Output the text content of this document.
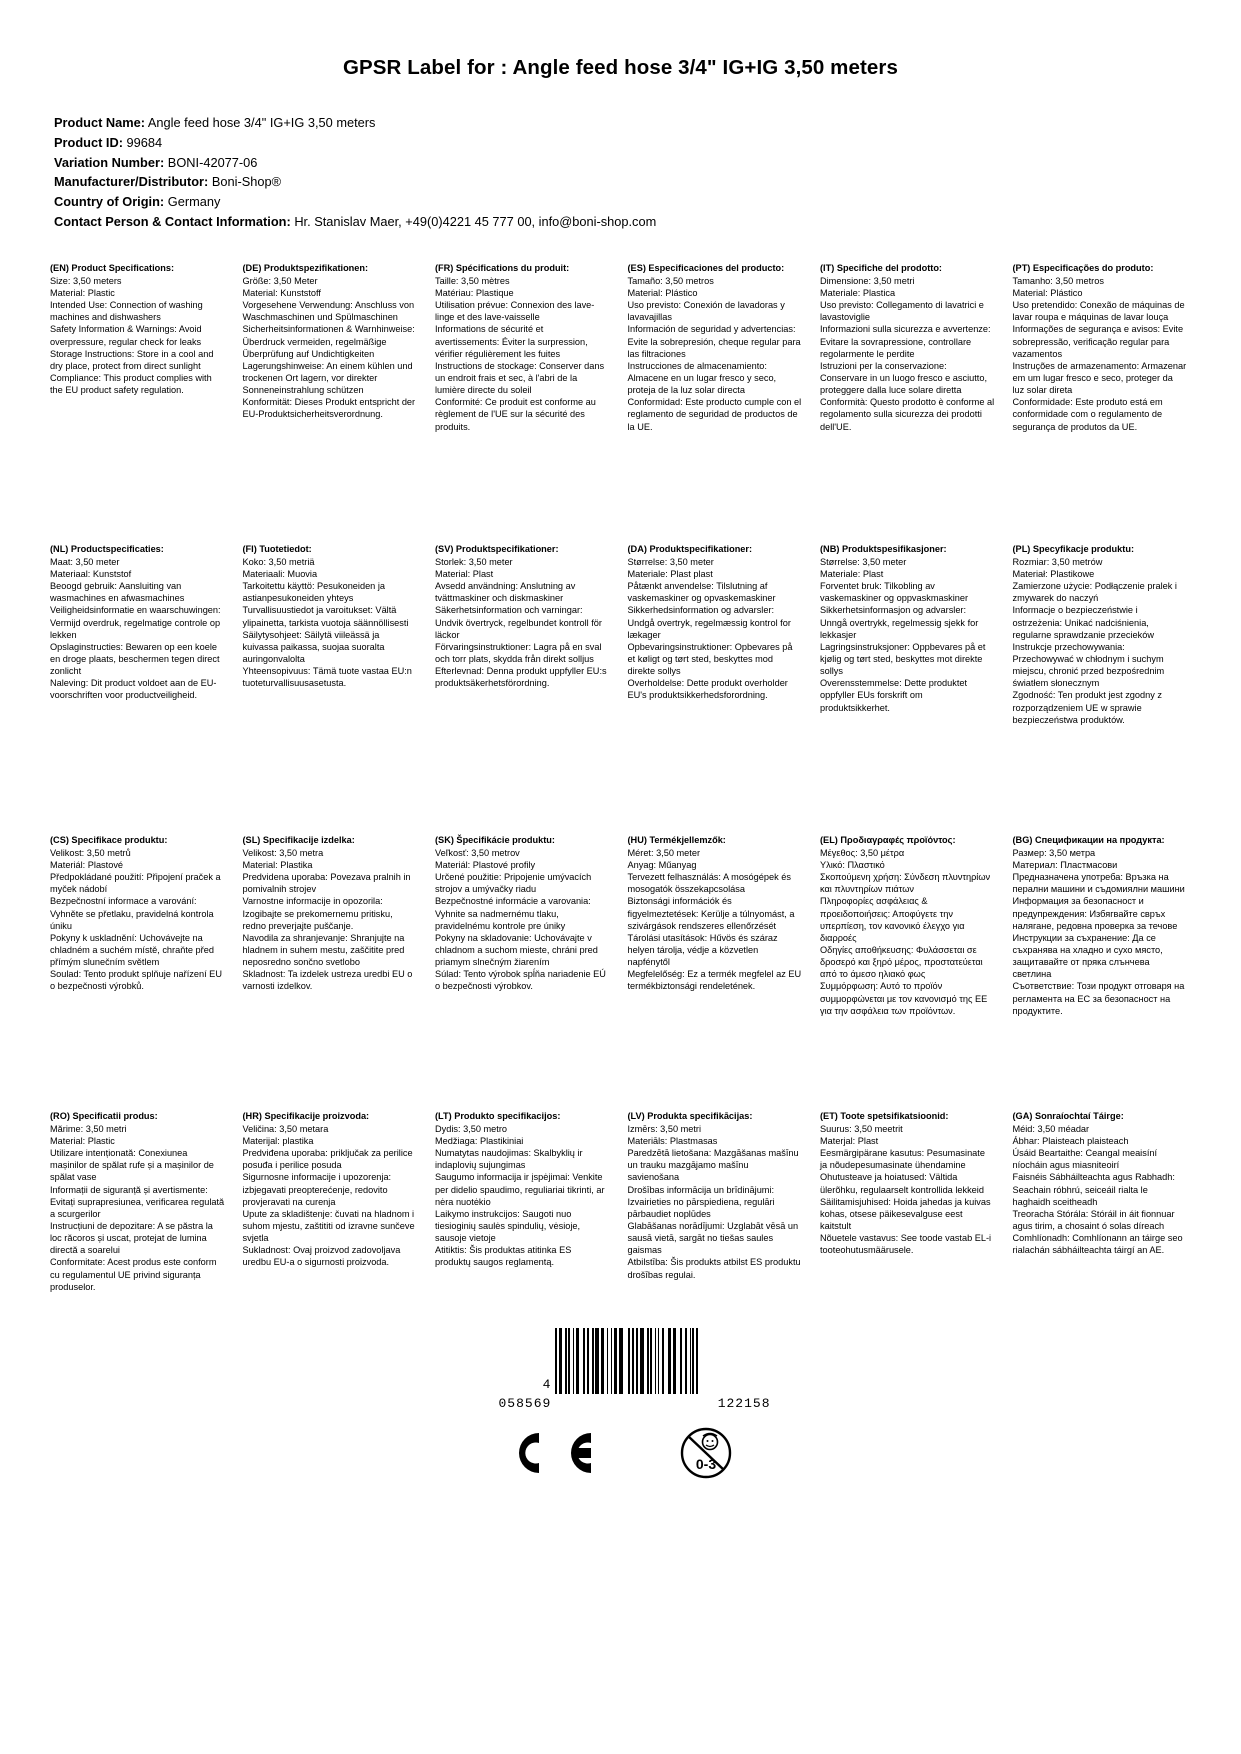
GPSR Label for : Angle feed hose 3/4" IG+IG 3,50 meters
Product Name: Angle feed hose 3/4" IG+IG 3,50 meters
Product ID: 99684
Variation Number: BONI-42077-06
Manufacturer/Distributor: Boni-Shop®
Country of Origin: Germany
Contact Person & Contact Information: Hr. Stanislav Maer, +49(0)4221 45 777 00, info@boni-shop.com
(EN) Product Specifications:

Size: 3,50 meters

Material: Plastic

Intended Use: Connection of washing machines and dishwashers

Safety Information & Warnings: Avoid overpressure, regular check for leaks

Storage Instructions: Store in a cool and dry place, protect from direct sunlight

Compliance: This product complies with the EU product safety regulation.

(DE) Produktspezifikationen:

Größe: 3,50 Meter

Material: Kunststoff

Vorgesehene Verwendung: Anschluss von Waschmaschinen und Spülmaschinen

Sicherheitsinformationen & Warnhinweise: Überdruck vermeiden, regelmäßige Überprüfung auf Undichtigkeiten

Lagerungshinweise: An einem kühlen und trockenen Ort lagern, vor direkter Sonneneinstrahlung schützen

Konformität: Dieses Produkt entspricht der EU-Produktsicherheitsverordnung.

(FR) Spécifications du produit:

Taille: 3,50 mètres

Matériau: Plastique

Utilisation prévue: Connexion des lave-linge et des lave-vaisselle

Informations de sécurité et avertissements: Éviter la surpression, vérifier régulièrement les fuites

Instructions de stockage: Conserver dans un endroit frais et sec, à l'abri de la lumière directe du soleil

Conformité: Ce produit est conforme au règlement de l'UE sur la sécurité des produits.

(ES) Especificaciones del producto:

Tamaño: 3,50 metros

Material: Plástico

Uso previsto: Conexión de lavadoras y lavavajillas

Información de seguridad y advertencias: Evite la sobrepresión, cheque regular para las filtraciones

Instrucciones de almacenamiento: Almacene en un lugar fresco y seco, proteja de la luz solar directa

Conformidad: Este producto cumple con el reglamento de seguridad de productos de la UE.

(IT) Specifiche del prodotto:

Dimensione: 3,50 metri

Materiale: Plastica

Uso previsto: Collegamento di lavatrici e lavastoviglie

Informazioni sulla sicurezza e avvertenze: Evitare la sovrapressione, controllare regolarmente le perdite

Istruzioni per la conservazione: Conservare in un luogo fresco e asciutto, proteggere dalla luce solare diretta

Conformità: Questo prodotto è conforme al regolamento sulla sicurezza dei prodotti dell'UE.

(PT) Especificações do produto:

Tamanho: 3,50 metros

Material: Plástico

Uso pretendido: Conexão de máquinas de lavar roupa e máquinas de lavar louça

Informações de segurança e avisos: Evite sobrepressão, verificação regular para vazamentos

Instruções de armazenamento: Armazenar em um lugar fresco e seco, proteger da luz solar direta

Conformidade: Este produto está em conformidade com o regulamento de segurança de produtos da UE.

(NL) Productspecificaties:

Maat: 3,50 meter

Materiaal: Kunststof

Beoogd gebruik: Aansluiting van wasmachines en afwasmachines

Veiligheidsinformatie en waarschuwingen: Vermijd overdruk, regelmatige controle op lekken

Opslaginstructies: Bewaren op een koele en droge plaats, beschermen tegen direct zonlicht

Naleving: Dit product voldoet aan de EU-voorschriften voor productveiligheid.

(FI) Tuotetiedot:

Koko: 3,50 metriä

Materiaali: Muovia

Tarkoitettu käyttö: Pesukoneiden ja astianpesukoneiden yhteys

Turvallisuustiedot ja varoitukset: Vältä ylipainetta, tarkista vuotoja säännöllisesti

Säilytysohjeet: Säilytä viileässä ja kuivassa paikassa, suojaa suoralta auringonvalolta

Yhteensopivuus: Tämä tuote vastaa EU:n tuoteturvallisuusasetusta.

(SV) Produktspecifikationer:

Storlek: 3,50 meter

Material: Plast

Avsedd användning: Anslutning av tvättmaskiner och diskmaskiner

Säkerhetsinformation och varningar: Undvik övertryck, regelbundet kontroll för läckor

Förvaringsinstruktioner: Lagra på en sval och torr plats, skydda från direkt solljus

Efterlevnad: Denna produkt uppfyller EU:s produktsäkerhetsförordning.

(DA) Produktspecifikationer:

Størrelse: 3,50 meter

Materiale: Plast plast

Påtænkt anvendelse: Tilslutning af vaskemaskiner og opvaskemaskiner

Sikkerhedsinformation og advarsler: Undgå overtryk, regelmæssig kontrol for lækager

Opbevaringsinstruktioner: Opbevares på et køligt og tørt sted, beskyttes mod direkte sollys

Overholdelse: Dette produkt overholder EU's produktsikkerhedsforordning.

(NB) Produktspesifikasjoner:

Størrelse: 3,50 meter

Materiale: Plast

Forventet bruk: Tilkobling av vaskemaskiner og oppvaskmaskiner

Sikkerhetsinformasjon og advarsler: Unngå overtrykk, regelmessig sjekk for lekkasjer

Lagringsinstruksjoner: Oppbevares på et kjølig og tørt sted, beskyttes mot direkte sollys

Overensstemmelse: Dette produktet oppfyller EUs forskrift om produktsikkerhet.

(PL) Specyfikacje produktu:

Rozmiar: 3,50 metrów

Materiał: Plastikowe

Zamierzone użycie: Podłączenie pralek i zmywarek do naczyń

Informacje o bezpieczeństwie i ostrzeżenia: Unikać nadciśnienia, regularne sprawdzanie przecieków

Instrukcje przechowywania: Przechowywać w chłodnym i suchym miejscu, chronić przed bezpośrednim światłem słonecznym

Zgodność: Ten produkt jest zgodny z rozporządzeniem UE w sprawie bezpieczeństwa produktów.

(CS) Specifikace produktu:

Velikost: 3,50 metrů

Materiál: Plastové

Předpokládané použití: Připojení praček a myček nádobí

Bezpečnostní informace a varování: Vyhněte se přetlaku, pravidelná kontrola úniku

Pokyny k uskladnění: Uchovávejte na chladném a suchém místě, chraňte před přímým slunečním světlem

Soulad: Tento produkt splňuje nařízení EU o bezpečnosti výrobků.

(SL) Specifikacije izdelka:

Velikost: 3,50 metra

Material: Plastika

Predvidena uporaba: Povezava pralnih in pomivalnih strojev

Varnostne informacije in opozorila: Izogibajte se prekomernemu pritisku, redno preverjajte puščanje.

Navodila za shranjevanje: Shranjujte na hladnem in suhem mestu, zaščitite pred neposredno sončno svetlobo

Skladnost: Ta izdelek ustreza uredbi EU o varnosti izdelkov.

(SK) Špecifikácie produktu:

Veľkosť: 3,50 metrov

Materiál: Plastové profily

Určené použitie: Pripojenie umývacích strojov a umývačky riadu

Bezpečnostné informácie a varovania: Vyhnite sa nadmernému tlaku, pravidelnému kontrole pre úniky

Pokyny na skladovanie: Uchovávajte v chladnom a suchom mieste, chráni pred priamym slnečným žiarením

Súlad: Tento výrobok spĺňa nariadenie EÚ o bezpečnosti výrobkov.

(HU) Termékjellemzők:

Méret: 3,50 meter

Anyag: Műanyag

Tervezett felhasználás: A mosógépek és mosogatók összekapcsolása

Biztonsági információk és figyelmeztetések: Kerülje a túlnyomást, a szivárgások rendszeres ellenőrzését

Tárolási utasítások: Hűvös és száraz helyen tárolja, védje a közvetlen napfénytől

Megfelelőség: Ez a termék megfelel az EU termékbiztonsági rendeletének.

(EL) Προδιαγραφές προϊόντος:

Μέγεθος: 3,50 μέτρα

Υλικό: Πλαστικό

Σκοπούμενη χρήση: Σύνδεση πλυντηρίων και πλυντηρίων πιάτων

Πληροφορίες ασφάλειας & προειδοποιήσεις: Αποφύγετε την υπερπίεση, τον κανονικό έλεγχο για διαρροές

Οδηγίες αποθήκευσης: Φυλάσσεται σε δροσερό και ξηρό μέρος, προστατεύεται από το άμεσο ηλιακό φως

Συμμόρφωση: Αυτό το προϊόν συμμορφώνεται με τον κανονισμό της ΕΕ για την ασφάλεια των προϊόντων.

(BG) Спецификации на продукта:

Размер: 3,50 метра

Материал: Пластмасови

Предназначена употреба: Връзка на перални машини и съдомиялни машини

Информация за безопасност и предупреждения: Избягвайте свръх налягане, редовна проверка за течове

Инструкции за съхранение: Да се съхранява на хладно и сухо място, защитавайте от пряка слънчева светлина

Съответствие: Този продукт отговаря на регламента на ЕС за безопасност на продуктите.

(RO) Specificatii produs:

Mărime: 3,50 metri

Material: Plastic

Utilizare intenționată: Conexiunea mașinilor de spălat rufe și a mașinilor de spălat vase

Informații de siguranță și avertismente: Evitați suprapresiunea, verificarea regulată a scurgerilor

Instrucțiuni de depozitare: A se păstra la loc răcoros și uscat, protejat de lumina directă a soarelui

Conformitate: Acest produs este conform cu regulamentul UE privind siguranța produselor.

(HR) Specifikacije proizvoda:

Veličina: 3,50 metara

Materijal: plastika

Predviđena uporaba: priključak za perilice posuđa i perilice posuda

Sigurnosne informacije i upozorenja: izbjegavati preopterećenje, redovito provjeravati na curenja

Upute za skladištenje: čuvati na hladnom i suhom mjestu, zaštititi od izravne sunčeve svjetla

Sukladnost: Ovaj proizvod zadovoljava uredbu EU-a o sigurnosti proizvoda.

(LT) Produkto specifikacijos:

Dydis: 3,50 metro

Medžiaga: Plastikiniai

Numatytas naudojimas: Skalbyklių ir indaplovių sujungimas

Saugumo informacija ir įspėjimai: Venkite per didelio spaudimo, reguliariai tikrinti, ar nėra nuotėkio

Laikymo instrukcijos: Saugoti nuo tiesioginių saulės spindulių, vėsioje, sausoje vietoje

Atitiktis: Šis produktas atitinka ES produktų saugos reglamentą.

(LV) Produkta specifikācijas:

Izmērs: 3,50 metri

Materiāls: Plastmasas

Paredzētā lietošana: Mazgāšanas mašīnu un trauku mazgājamo mašīnu savienošana

Drošības informācija un brīdinājumi: Izvairieties no pārspiediena, regulāri pārbaudiet noplūdes

Glabāšanas norādījumi: Uzglabāt vēsā un sausā vietā, sargāt no tiešas saules gaismas

Atbilstība: Šis produkts atbilst ES produktu drošības regulai.

(ET) Toote spetsifikatsioonid:

Suurus: 3,50 meetrit

Materjal: Plast

Eesmärgipärane kasutus: Pesumasinate ja nõudepesumasinate ühendamine

Ohutusteave ja hoiatused: Vältida ülerõhku, regulaarselt kontrollida lekkeid

Säilitamisjuhised: Hoida jahedas ja kuivas kohas, otsese päikesevalguse eest kaitstult

Nõuetele vastavus: See toode vastab EL-i tooteohutusmäärusele.

(GA) Sonraíochtaí Táirge:

Méid: 3,50 méadar

Ábhar: Plaisteach plaisteach

Úsáid Beartaithe: Ceangal meaisíní níocháin agus miasniteoirí

Faisnéis Sábháilteachta agus Rabhadh: Seachain róbhrú, seiceáil rialta le haghaidh sceitheadh

Treoracha Stórála: Stóráil in áit fionnuar agus tirim, a chosaint ó solas díreach

Comhlíonadh: Comhlíonann an táirge seo rialachán sábháilteachta táirgí an AE.

4
058569	122158
0-3
